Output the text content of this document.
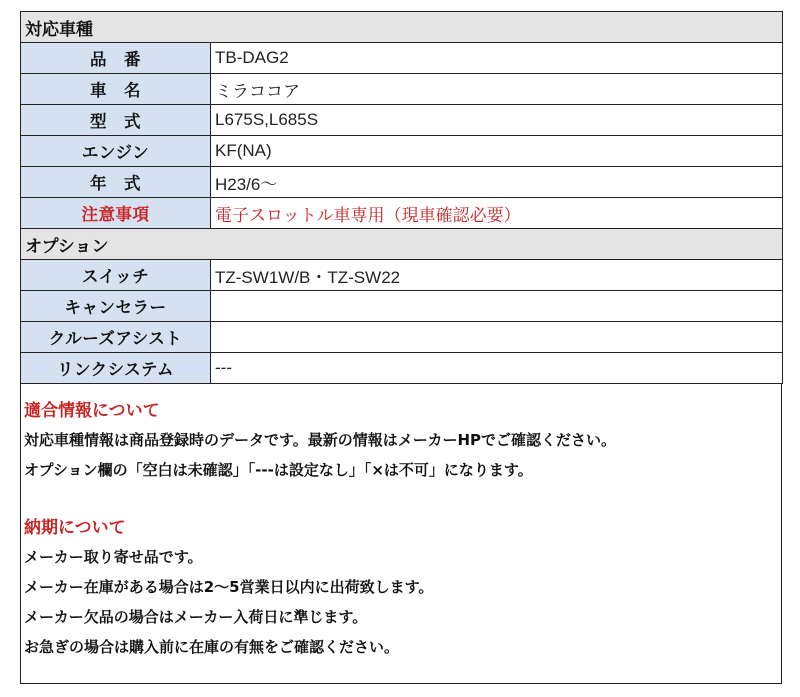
対応車種	
品　番	TB-DAG2
車　名	ミラココア
型　式	L675S,L685S
エンジン	KF(NA)
年　式	H23/6～
注意事項	電子スロットル車専用（現車確認必要）
オプション	
スイッチ	TZ-SW1W/B・TZ-SW22
キャンセラー	
クルーズアシスト	
リンクシステム	---
適合情報について
対応車種情報は商品登録時のデータです。最新の情報はメーカーHPでご確認ください。
オプション欄の「空白は未確認」「---は設定なし」「×は不可」になります。
納期について
メーカー取り寄せ品です。
メーカー在庫がある場合は2～5営業日以内に出荷致します。
メーカー欠品の場合はメーカー入荷日に準じます。
お急ぎの場合は購入前に在庫の有無をご確認ください。
